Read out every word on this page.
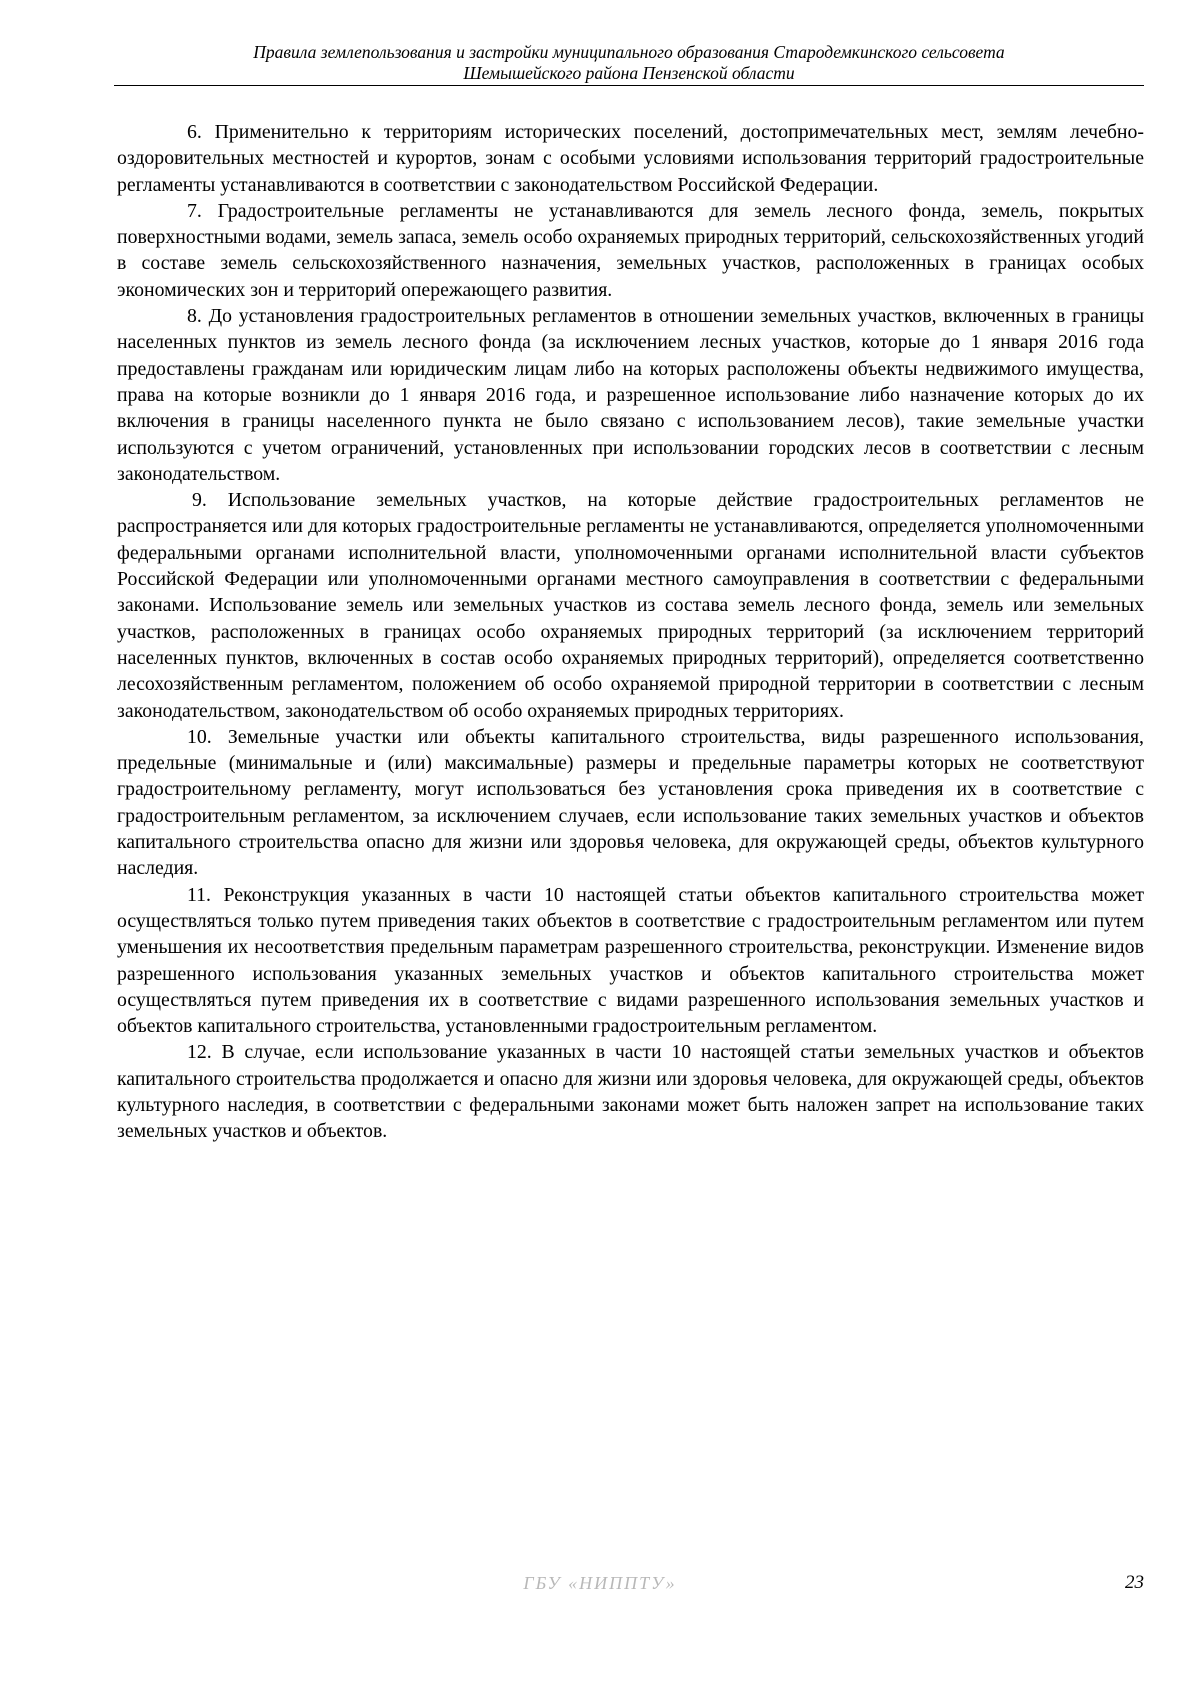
Правила землепользования и застройки муниципального образования Стародемкинского сельсовета
Шемышейского района Пензенской области

6. Применительно к территориям исторических поселений, достопримечательных мест, землям лечебно-оздоровительных местностей и курортов, зонам с особыми условиями использования территорий градостроительные регламенты устанавливаются в соответствии с законодательством Российской Федерации.

7. Градостроительные регламенты не устанавливаются для земель лесного фонда, земель, покрытых поверхностными водами, земель запаса, земель особо охраняемых природных территорий, сельскохозяйственных угодий в составе земель сельскохозяйственного назначения, земельных участков, расположенных в границах особых экономических зон и территорий опережающего развития.

8. До установления градостроительных регламентов в отношении земельных участков, включенных в границы населенных пунктов из земель лесного фонда (за исключением лесных участков, которые до 1 января 2016 года предоставлены гражданам или юридическим лицам либо на которых расположены объекты недвижимого имущества, права на которые возникли до 1 января 2016 года, и разрешенное использование либо назначение которых до их включения в границы населенного пункта не было связано с использованием лесов), такие земельные участки используются с учетом ограничений, установленных при использовании городских лесов в соответствии с лесным законодательством.

9. Использование земельных участков, на которые действие градостроительных регламентов не распространяется или для которых градостроительные регламенты не устанавливаются, определяется уполномоченными федеральными органами исполнительной власти, уполномоченными органами исполнительной власти субъектов Российской Федерации или уполномоченными органами местного самоуправления в соответствии с федеральными законами. Использование земель или земельных участков из состава земель лесного фонда, земель или земельных участков, расположенных в границах особо охраняемых природных территорий (за исключением территорий населенных пунктов, включенных в состав особо охраняемых природных территорий), определяется соответственно лесохозяйственным регламентом, положением об особо охраняемой природной территории в соответствии с лесным законодательством, законодательством об особо охраняемых природных территориях.

10. Земельные участки или объекты капитального строительства, виды разрешенного использования, предельные (минимальные и (или) максимальные) размеры и предельные параметры которых не соответствуют градостроительному регламенту, могут использоваться без установления срока приведения их в соответствие с градостроительным регламентом, за исключением случаев, если использование таких земельных участков и объектов капитального строительства опасно для жизни или здоровья человека, для окружающей среды, объектов культурного наследия.

11. Реконструкция указанных в части 10 настоящей статьи объектов капитального строительства может осуществляться только путем приведения таких объектов в соответствие с градостроительным регламентом или путем уменьшения их несоответствия предельным параметрам разрешенного строительства, реконструкции. Изменение видов разрешенного использования указанных земельных участков и объектов капитального строительства может осуществляться путем приведения их в соответствие с видами разрешенного использования земельных участков и объектов капитального строительства, установленными градостроительным регламентом.

12. В случае, если использование указанных в части 10 настоящей статьи земельных участков и объектов капитального строительства продолжается и опасно для жизни или здоровья человека, для окружающей среды, объектов культурного наследия, в соответствии с федеральными законами может быть наложен запрет на использование таких земельных участков и объектов.

ГБУ «НИППТУ»	23
